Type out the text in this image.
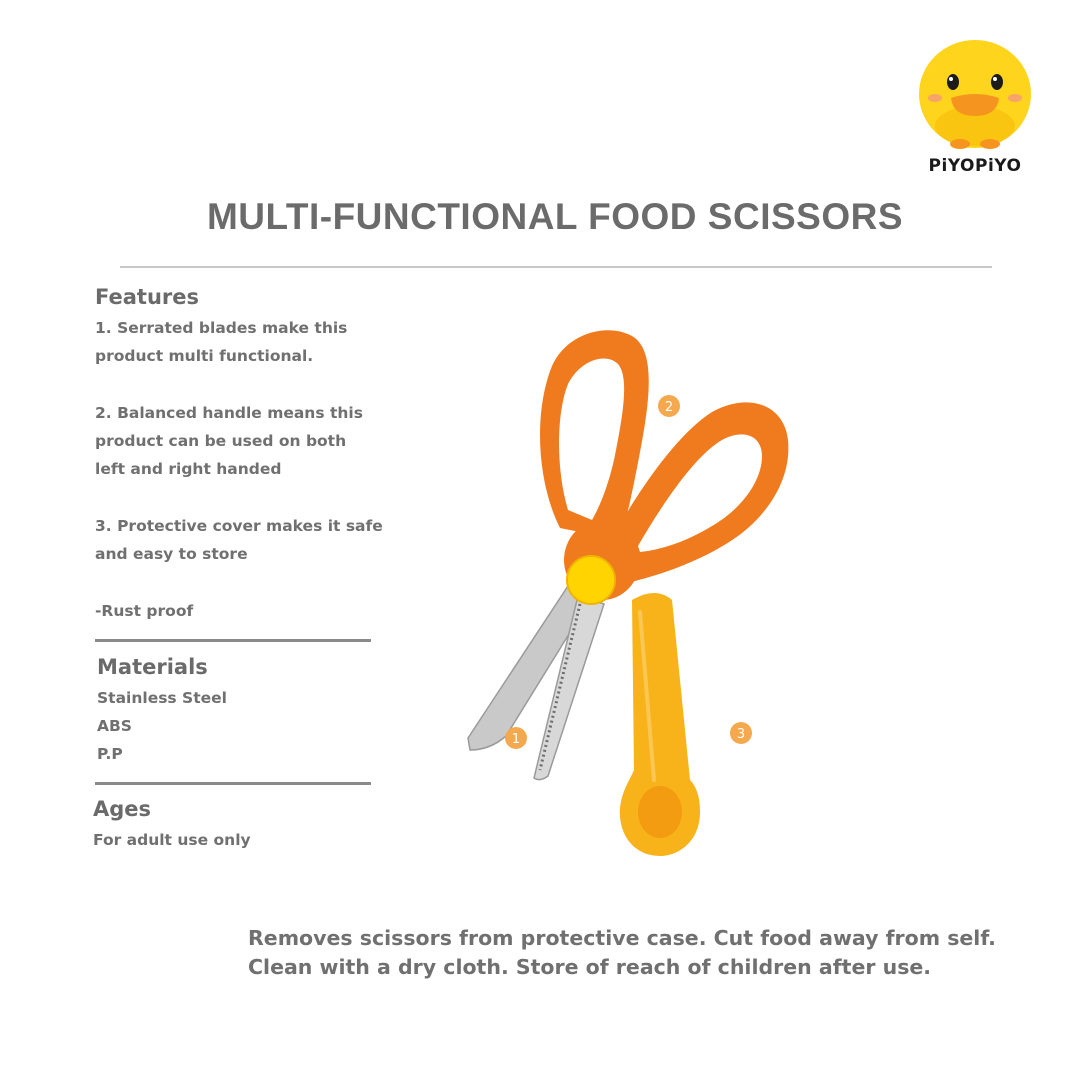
PiYOPiYO
MULTI-FUNCTIONAL FOOD SCISSORS
Features
1. Serrated blades make this
product multi functional.
2. Balanced handle means this
product can be used on both
left and right handed
3. Protective cover makes it safe
and easy to store
-Rust proof
Materials
Stainless Steel
ABS
P.P
Ages
For adult use only
1
2
3
Removes scissors from protective case. Cut food away from self.
Clean with a dry cloth. Store of reach of children after use.
